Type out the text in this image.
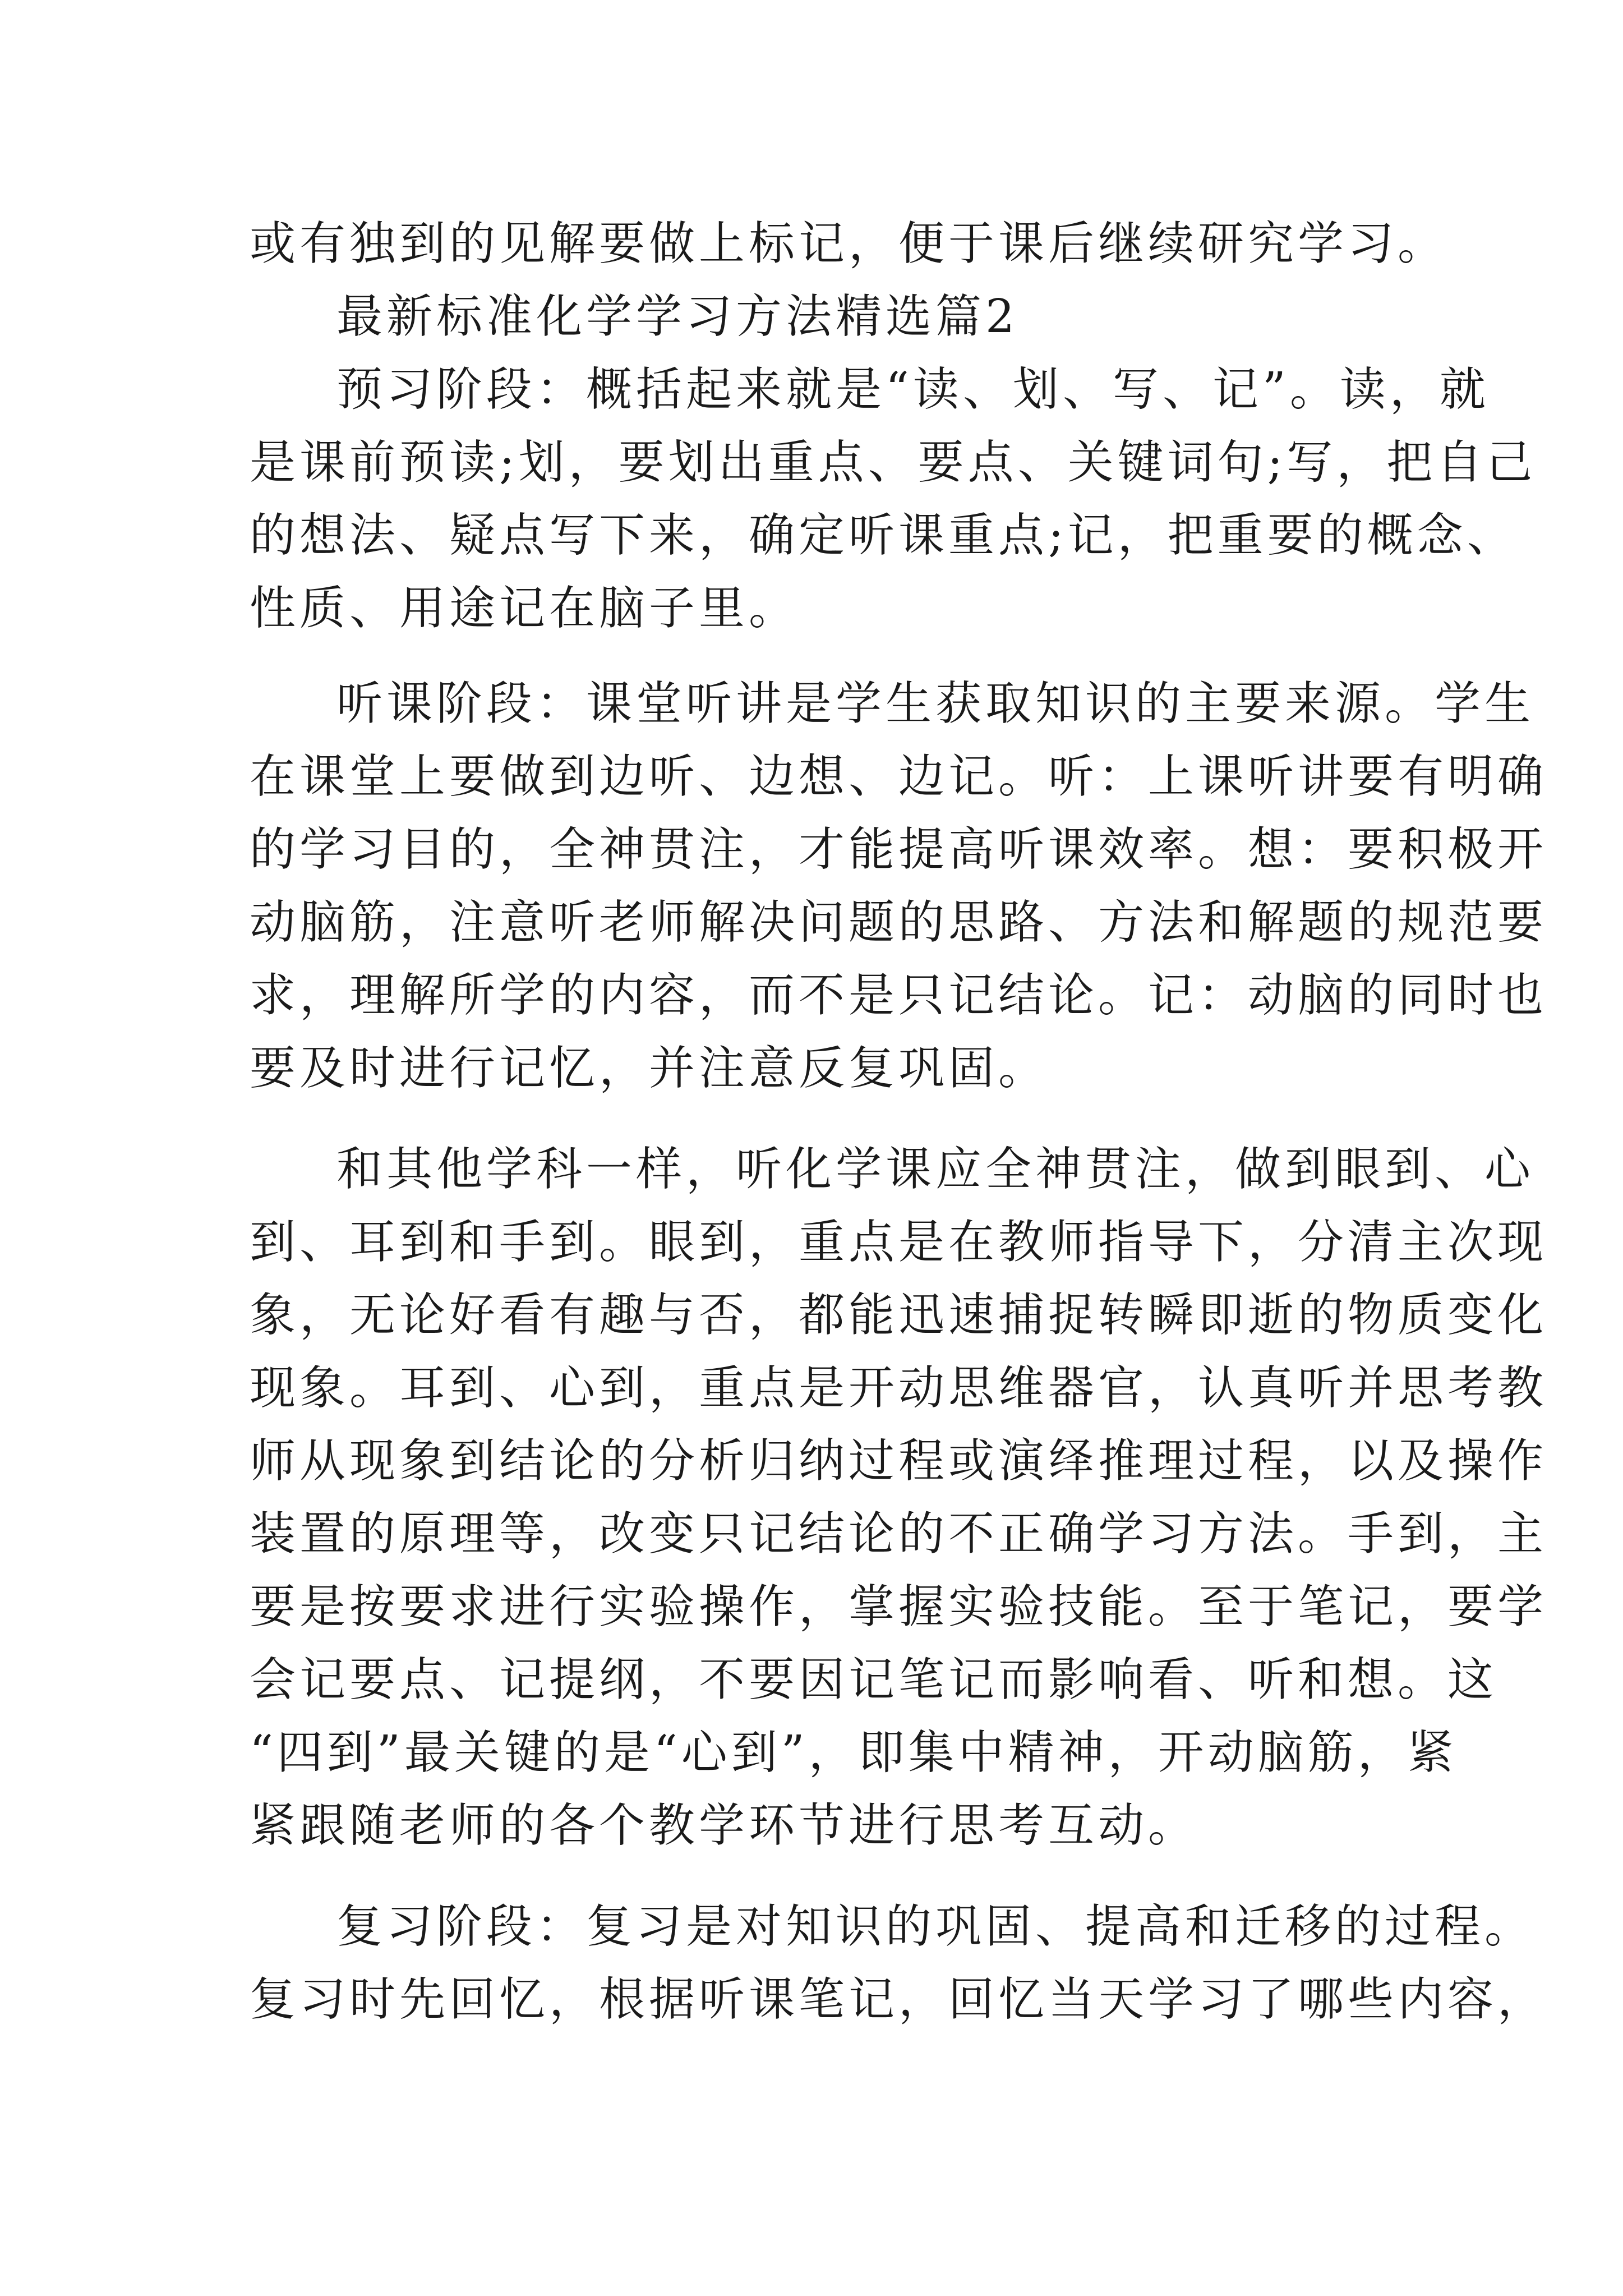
或有独到的见解要做上标记，便于课后继续研究学习。
最新标准化学学习方法精选篇2
预习阶段：概括起来就是“读、划、写、记”。读，就
是课前预读;划，要划出重点、要点、关键词句;写，把自己
的想法、疑点写下来，确定听课重点;记，把重要的概念、
性质、用途记在脑子里。
听课阶段：课堂听讲是学生获取知识的主要来源。学生
在课堂上要做到边听、边想、边记。听：上课听讲要有明确
的学习目的，全神贯注，才能提高听课效率。想：要积极开
动脑筋，注意听老师解决问题的思路、方法和解题的规范要
求，理解所学的内容，而不是只记结论。记：动脑的同时也
要及时进行记忆，并注意反复巩固。
和其他学科一样，听化学课应全神贯注，做到眼到、心
到、耳到和手到。眼到，重点是在教师指导下，分清主次现
象，无论好看有趣与否，都能迅速捕捉转瞬即逝的物质变化
现象。耳到、心到，重点是开动思维器官，认真听并思考教
师从现象到结论的分析归纳过程或演绎推理过程，以及操作
装置的原理等，改变只记结论的不正确学习方法。手到，主
要是按要求进行实验操作，掌握实验技能。至于笔记，要学
会记要点、记提纲，不要因记笔记而影响看、听和想。这
“四到”最关键的是“心到”，即集中精神，开动脑筋，紧
紧跟随老师的各个教学环节进行思考互动。
复习阶段：复习是对知识的巩固、提高和迁移的过程。
复习时先回忆，根据听课笔记，回忆当天学习了哪些内容，
